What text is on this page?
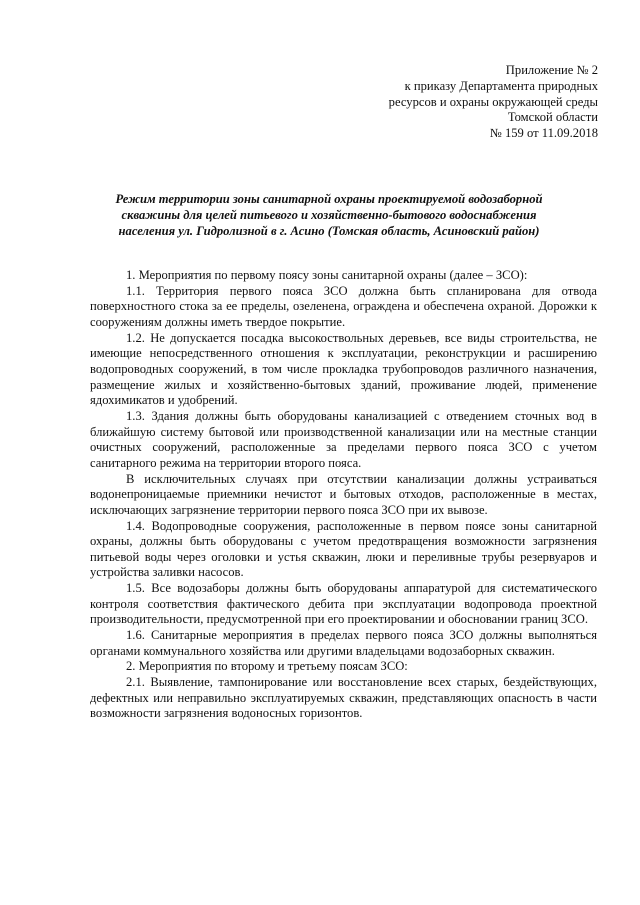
Приложение № 2
к приказу Департамента природных
ресурсов и охраны окружающей среды
Томской области
№ 159 от 11.09.2018
Режим территории зоны санитарной охраны проектируемой водозаборной
скважины для целей питьевого и хозяйственно-бытового водоснабжения
населения ул. Гидролизной в г. Асино (Томская область, Асиновский район)

1. Мероприятия по первому поясу зоны санитарной охраны (далее – ЗСО):

1.1. Территория первого пояса ЗСО должна быть спланирована для отвода поверхностного стока за ее пределы, озеленена, ограждена и обеспечена охраной. Дорожки к сооружениям должны иметь твердое покрытие.

1.2. Не допускается посадка высокоствольных деревьев, все виды строительства, не имеющие непосредственного отношения к эксплуатации, реконструкции и расширению водопроводных сооружений, в том числе прокладка трубопроводов различного назначения, размещение жилых и хозяйственно-бытовых зданий, проживание людей, применение ядохимикатов и удобрений.

1.3. Здания должны быть оборудованы канализацией с отведением сточных вод в ближайшую систему бытовой или производственной канализации или на местные станции очистных сооружений, расположенные за пределами первого пояса ЗСО с учетом санитарного режима на территории второго пояса.

В исключительных случаях при отсутствии канализации должны устраиваться водонепроницаемые приемники нечистот и бытовых отходов, расположенные в местах, исключающих загрязнение территории первого пояса ЗСО при их вывозе.

1.4. Водопроводные сооружения, расположенные в первом поясе зоны санитарной охраны, должны быть оборудованы с учетом предотвращения возможности загрязнения питьевой воды через оголовки и устья скважин, люки и переливные трубы резервуаров и устройства заливки насосов.

1.5. Все водозаборы должны быть оборудованы аппаратурой для систематического контроля соответствия фактического дебита при эксплуатации водопровода проектной производительности, предусмотренной при его проектировании и обосновании границ ЗСО.

1.6. Санитарные мероприятия в пределах первого пояса ЗСО должны выполняться органами коммунального хозяйства или другими владельцами водозаборных скважин.

2. Мероприятия по второму и третьему поясам ЗСО:

2.1. Выявление, тампонирование или восстановление всех старых, бездействующих, дефектных или неправильно эксплуатируемых скважин, представляющих опасность в части возможности загрязнения водоносных горизонтов.
